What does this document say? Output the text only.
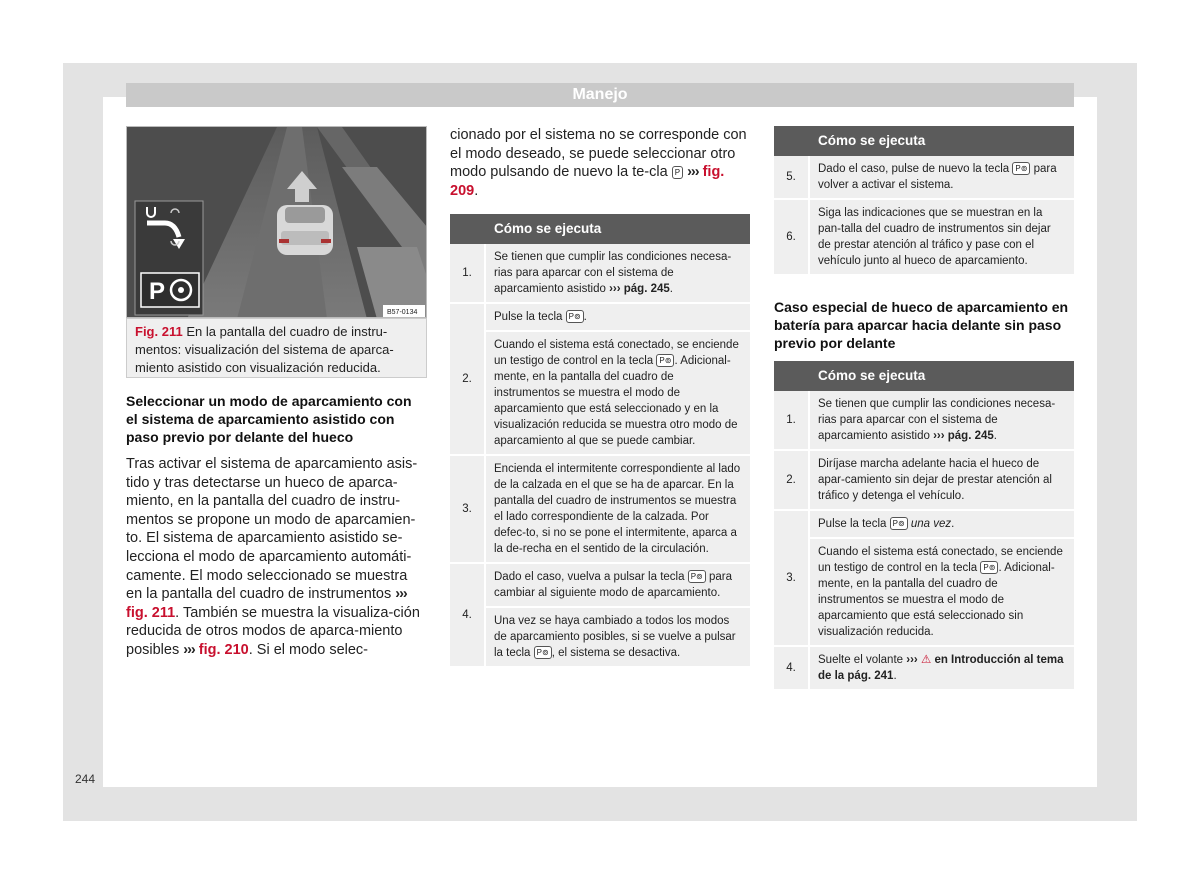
Manejo
P
B57-0134
Fig. 211 En la pantalla del cuadro de instru-mentos: visualización del sistema de aparca-miento asistido con visualización reducida.
Seleccionar un modo de aparcamiento con el sistema de aparcamiento asistido con paso previo por delante del hueco
Tras activar el sistema de aparcamiento asis-tido y tras detectarse un hueco de aparca-miento, en la pantalla del cuadro de instru-mentos se propone un modo de aparcamien-to. El sistema de aparcamiento asistido se-lecciona el modo de aparcamiento automáti-camente. El modo seleccionado se muestra en la pantalla del cuadro de instrumentos ››› fig. 211. También se muestra la visualiza-ción reducida de otros modos de aparca-miento posibles ››› fig. 210. Si el modo selec-
cionado por el sistema no se corresponde con el modo deseado, se puede seleccionar otro modo pulsando de nuevo la te-cla P ››› fig. 209.
	Cómo se ejecuta
1.	Se tienen que cumplir las condiciones necesa-rias para aparcar con el sistema de aparcamiento asistido ››› pág. 245.
2.	Pulse la tecla P⊚ .
	Cuando el sistema está conectado, se enciende un testigo de control en la tecla P⊚ . Adicional-mente, en la pantalla del cuadro de instrumentos se muestra el modo de aparcamiento que está seleccionado y en la visualización reducida se muestra otro modo de aparcamiento al que se puede cambiar.
3.	Encienda el intermitente correspondiente al lado de la calzada en el que se ha de aparcar. En la pantalla del cuadro de instrumentos se muestra el lado correspondiente de la calzada. Por defec-to, si no se pone el intermitente, aparca a la de-recha en el sentido de la circulación.
4.	Dado el caso, vuelva a pulsar la tecla P⊚ para cambiar al siguiente modo de aparcamiento.
	Una vez se haya cambiado a todos los modos de aparcamiento posibles, si se vuelve a pulsar la tecla P⊚ , el sistema se desactiva.
	Cómo se ejecuta
5.	Dado el caso, pulse de nuevo la tecla P⊚ para volver a activar el sistema.
6.	Siga las indicaciones que se muestran en la pan-talla del cuadro de instrumentos sin dejar de prestar atención al tráfico y pase con el vehículo junto al hueco de aparcamiento.
Caso especial de hueco de aparcamiento en batería para aparcar hacia delante sin paso previo por delante
	Cómo se ejecuta
1.	Se tienen que cumplir las condiciones necesa-rias para aparcar con el sistema de aparcamiento asistido ››› pág. 245.
2.	Diríjase marcha adelante hacia el hueco de apar-camiento sin dejar de prestar atención al tráfico y detenga el vehículo.
3.	Pulse la tecla P⊚ una vez.
	Cuando el sistema está conectado, se enciende un testigo de control en la tecla P⊚ . Adicional-mente, en la pantalla del cuadro de instrumentos se muestra el modo de aparcamiento que está seleccionado sin visualización reducida.
4.	Suelte el volante ››› ⚠ en Introducción al tema de la pág. 241.
244
